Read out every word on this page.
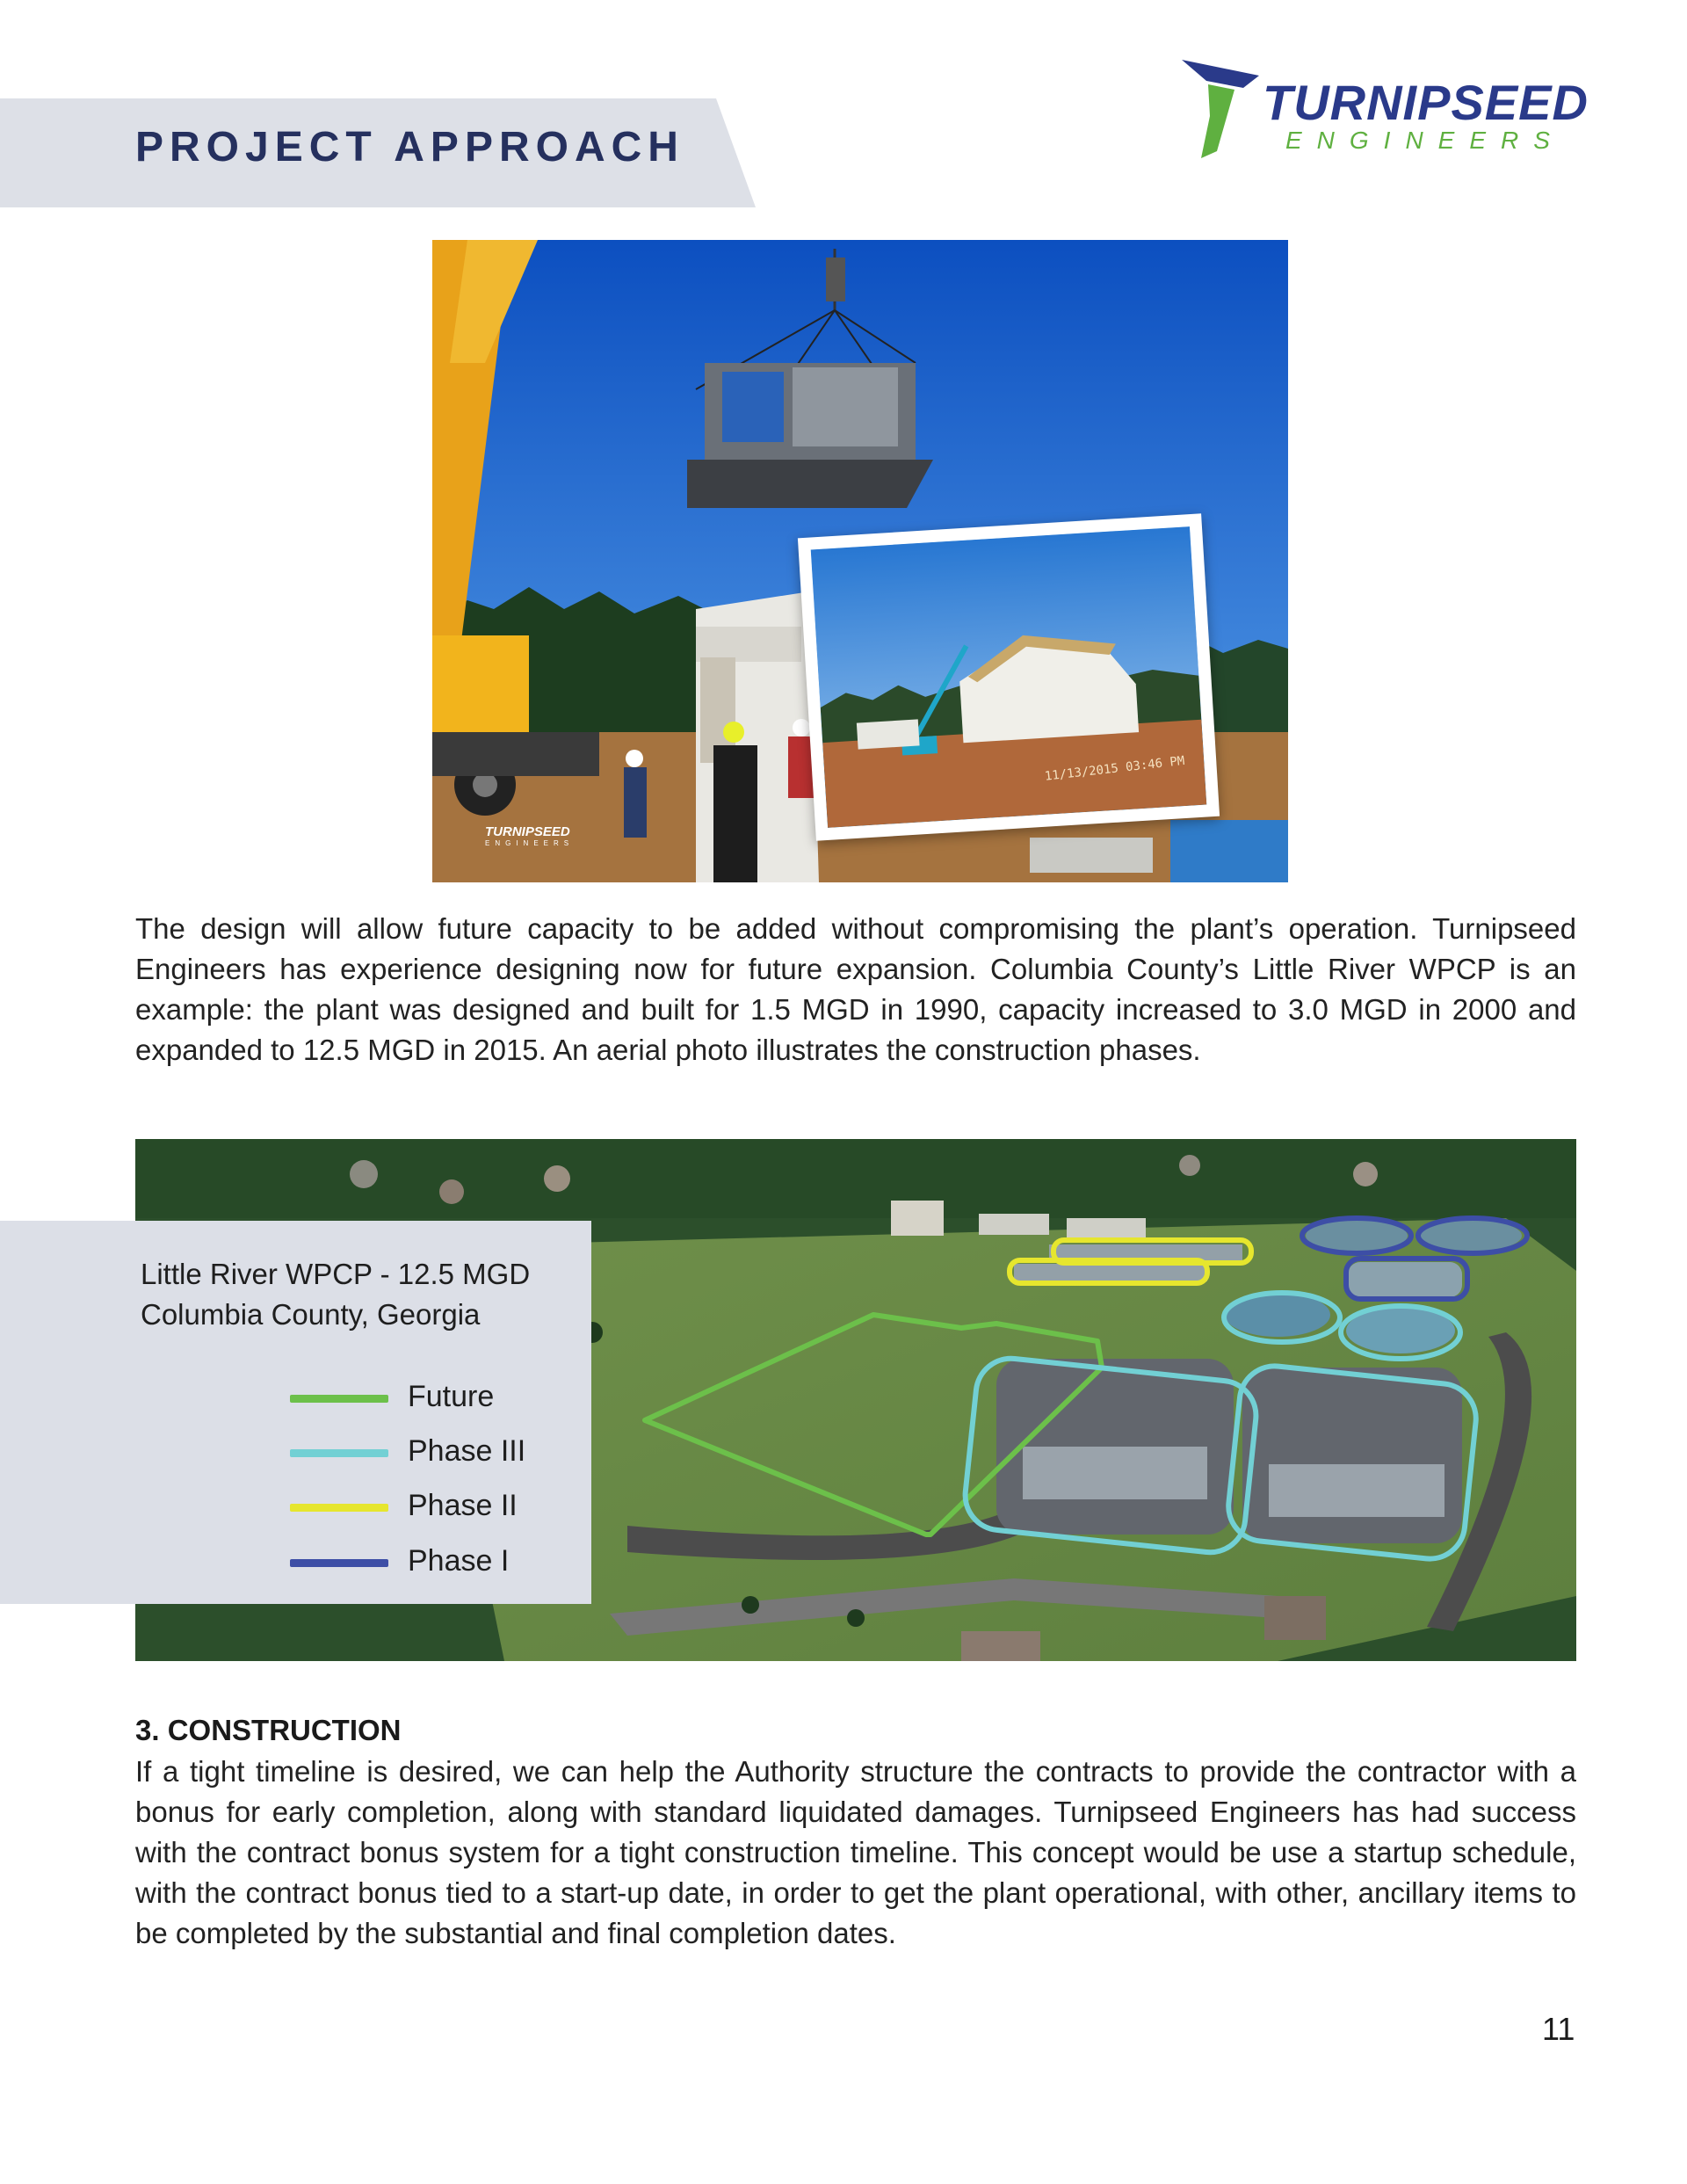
PROJECT APPROACH
TURNIPSEED
ENGINEERS
TURNIPSEED
ENGINEERS
11/13/2015 03:46 PM

The design will allow future capacity to be added without compromising the plant’s operation. Turnipseed Engineers has experience designing now for future expansion. Columbia County’s Little River WPCP is an example: the plant was designed and built for 1.5 MGD in 1990, capacity increased to 3.0 MGD in 2000 and expanded to 12.5 MGD in 2015. An aerial photo illustrates the construction phases.

Little River WPCP - 12.5 MGD
Columbia County, Georgia
Future
Phase III
Phase II
Phase I
3. CONSTRUCTION

If a tight timeline is desired, we can help the Authority structure the contracts to provide the contractor with a bonus for early completion, along with standard liquidated damages. Turnipseed Engineers has had success with the contract bonus system for a tight construction timeline. This concept would be use a startup schedule, with the contract bonus tied to a start-up date, in order to get the plant operational, with other, ancillary items to be completed by the substantial and final completion dates.

11
